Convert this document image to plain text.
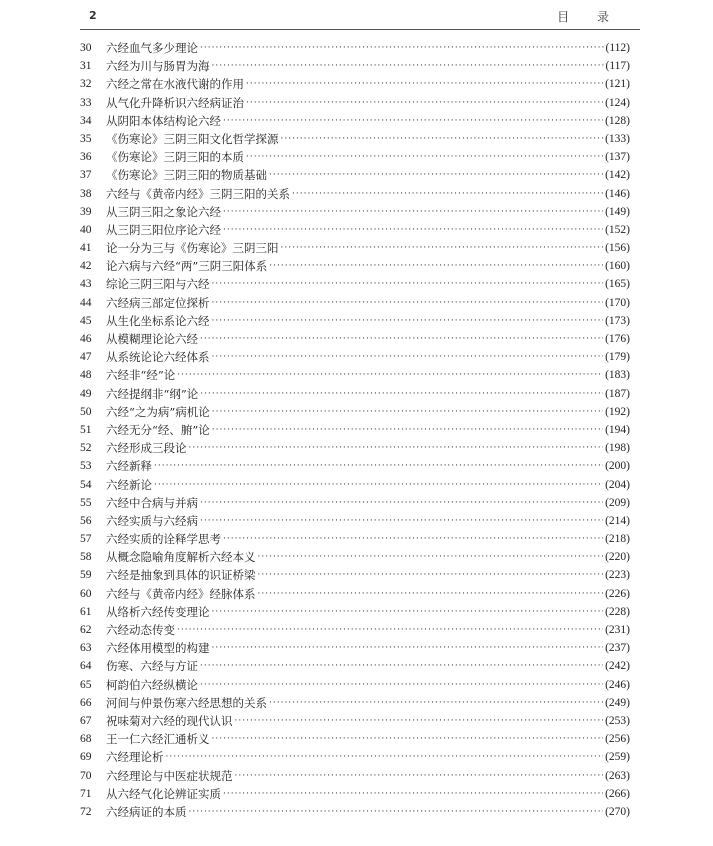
2	目 录
30	六经血气多少理论 ·····	(112)
31	六经为川与肠胃为海 ·····	(117)
32	六经之常在水液代谢的作用 ·····	(121)
33	从气化升降析识六经病证治 ·····	(124)
34	从阴阳本体结构论六经 ·····	(128)
35	《伤寒论》三阴三阳文化哲学探源 ·····	(133)
36	《伤寒论》三阴三阳的本质 ·····	(137)
37	《伤寒论》三阴三阳的物质基础 ·····	(142)
38	六经与《黄帝内经》三阴三阳的关系 ·····	(146)
39	从三阴三阳之象论六经 ·····	(149)
40	从三阴三阳位序论六经 ·····	(152)
41	论一分为三与《伤寒论》三阴三阳 ·····	(156)
42	论六病与六经“两”三阴三阳体系 ·····	(160)
43	综论三阴三阳与六经 ·····	(165)
44	六经病三部定位探析 ·····	(170)
45	从生化坐标系论六经 ·····	(173)
46	从模糊理论论六经 ·····	(176)
47	从系统论论六经体系 ·····	(179)
48	六经非“经”论 ·····	(183)
49	六经提纲非“纲”论 ·····	(187)
50	六经“之为病”病机论 ·····	(192)
51	六经无分“经、腑”论 ·····	(194)
52	六经形成三段论 ·····	(198)
53	六经新释 ·····	(200)
54	六经新论 ·····	(204)
55	六经中合病与并病 ·····	(209)
56	六经实质与六经病 ·····	(214)
57	六经实质的诠释学思考 ·····	(218)
58	从概念隐喻角度解析六经本义 ·····	(220)
59	六经是抽象到具体的识证桥梁 ·····	(223)
60	六经与《黄帝内经》经脉体系 ·····	(226)
61	从络析六经传变理论 ·····	(228)
62	六经动态传变 ·····	(231)
63	六经体用模型的构建 ·····	(237)
64	伤寒、六经与方证 ·····	(242)
65	柯韵伯六经纵横论 ·····	(246)
66	河间与仲景伤寒六经思想的关系 ·····	(249)
67	祝味菊对六经的现代认识 ·····	(253)
68	王一仁六经汇通析义 ·····	(256)
69	六经理论析 ·····	(259)
70	六经理论与中医症状规范 ·····	(263)
71	从六经气化论辨证实质 ·····	(266)
72	六经病证的本质 ·····	(270)
